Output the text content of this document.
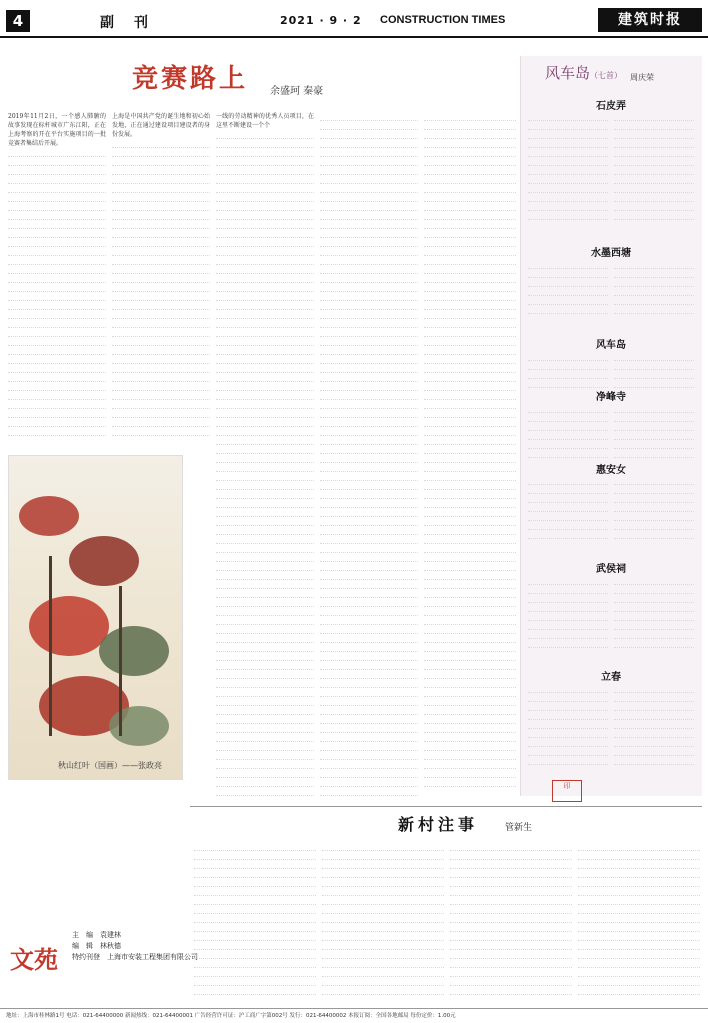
4	副刊	2021 · 9 · 2 CONSTRUCTION TIMES	建筑时报
竞赛路上 余盛珂 秦豪

2019年11月2日，一个感人肺腑的故事发现在标杆城市广东江阳，正在上海考察的开在平台实施项目的一批竞赛者集结后开展。

上海是中国共产党的诞生地和初心始发地，正在通过建设项目建设者的身份发展。

一线的劳动精神的优秀人员项目，在这里不断建设一个个

秋山红叶（国画）——张政亮
文苑
主　编　 袁建林
编　辑　 林秋德
特约刊登　 上海市安装工程集团有限公司
风车岛（七首） 周庆荣
石皮弄
水墨西塘
风车岛
净峰寺
惠安女
武侯祠
立春
印
新村注事	管新生
地址：上海市桂林路1号 电话：021-64400000 新闻热线：021-64400001 广告经营许可证：沪工商广字第002号 发行：021-64400002 本报订阅：全国各地邮局 每份定价：1.00元
